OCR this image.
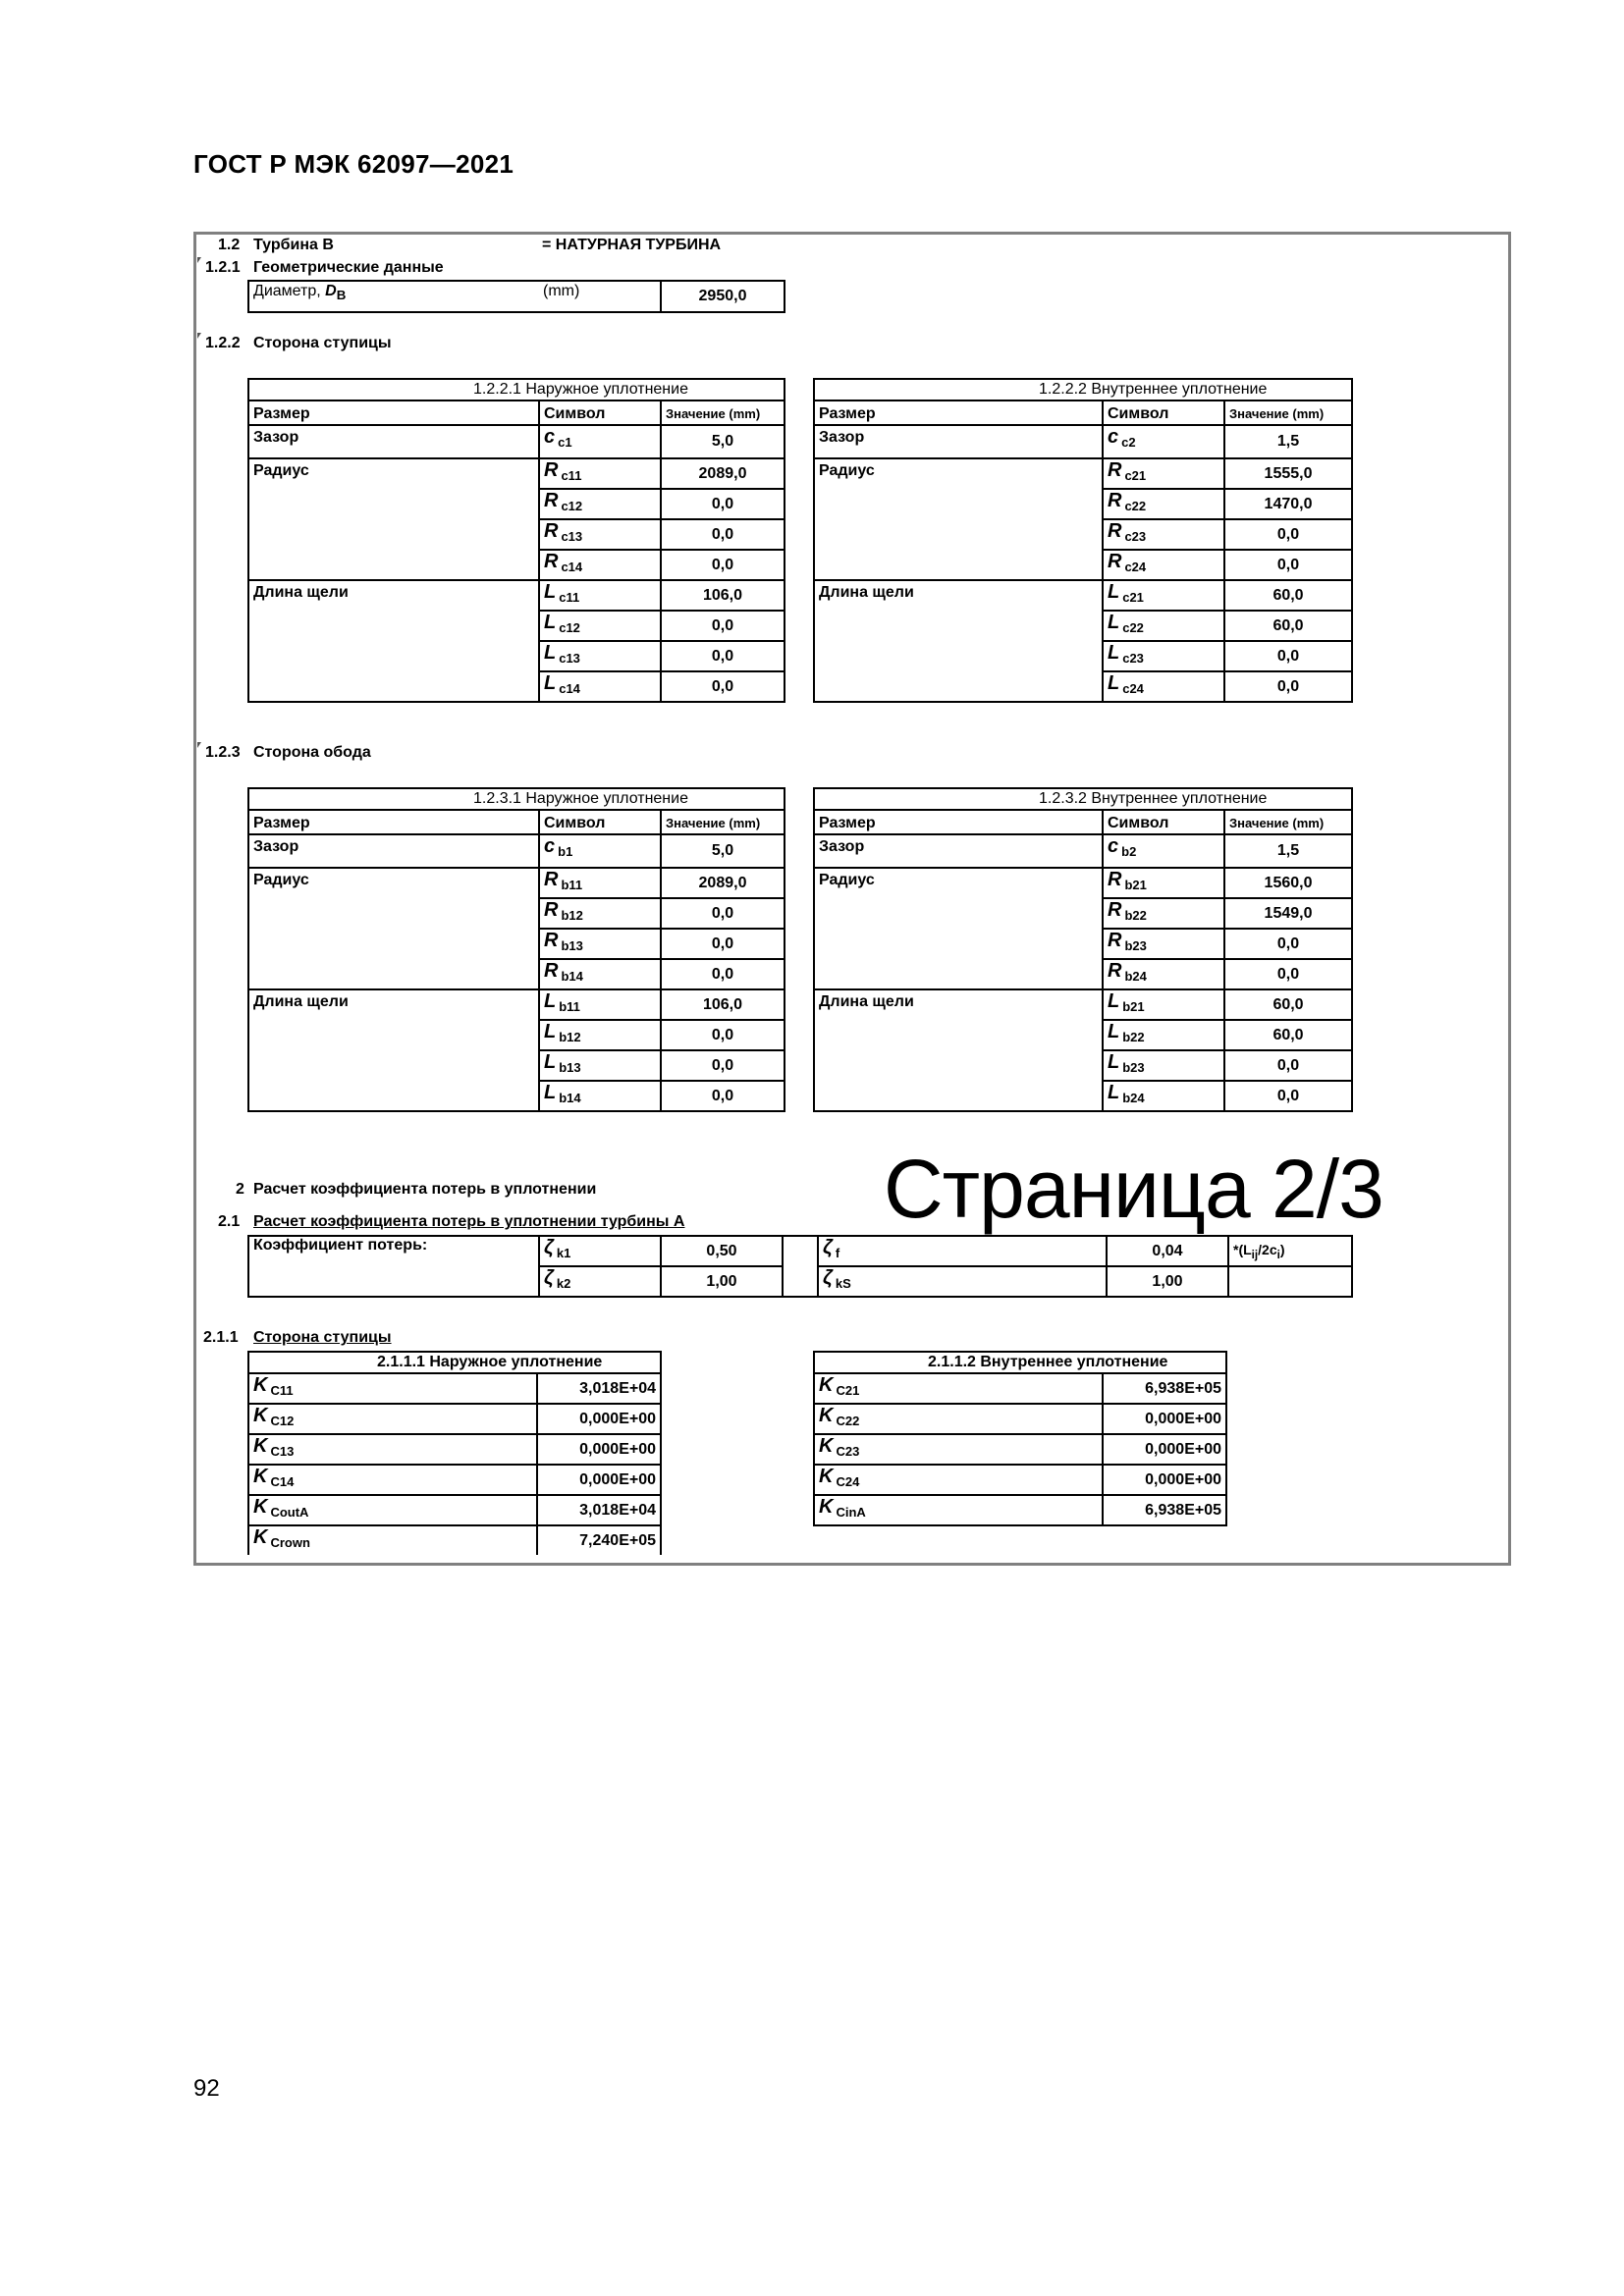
ГОСТ Р МЭК 62097—2021
1.2 Турбина B	= НАТУРНАЯ ТУРБИНА
1.2.1 Геометрические данные
Диаметр, $D_B$	(mm)	2950,0
1.2.2 Сторона ступицы
1.2.2.1 Наружное уплотнение		
Размер	Символ	Значение (mm)
Зазор	c $_{c1}$	5,0
Радиус	R $_{c11}$	2089,0
	R $_{c12}$	0,0
	R $_{c13}$	0,0
	R $_{c14}$	0,0
Длина щели	L $_{c11}$	106,0
	L $_{c12}$	0,0
	L $_{c13}$	0,0
	L $_{c14}$	0,0
1.2.2.2 Внутреннее уплотнение		
Размер	Символ	Значение (mm)
Зазор	c $_{c2}$	1,5
Радиус	R $_{c21}$	1555,0
	R $_{c22}$	1470,0
	R $_{c23}$	0,0
	R $_{c24}$	0,0
Длина щели	L $_{c21}$	60,0
	L $_{c22}$	60,0
	L $_{c23}$	0,0
	L $_{c24}$	0,0
1.2.3 Сторона обода
1.2.3.1 Наружное уплотнение		
Размер	Символ	Значение (mm)
Зазор	c $_{b1}$	5,0
Радиус	R $_{b11}$	2089,0
	R $_{b12}$	0,0
	R $_{b13}$	0,0
	R $_{b14}$	0,0
Длина щели	L $_{b11}$	106,0
	L $_{b12}$	0,0
	L $_{b13}$	0,0
	L $_{b14}$	0,0
1.2.3.2 Внутреннее уплотнение		
Размер	Символ	Значение (mm)
Зазор	c $_{b2}$	1,5
Радиус	R $_{b21}$	1560,0
	R $_{b22}$	1549,0
	R $_{b23}$	0,0
	R $_{b24}$	0,0
Длина щели	L $_{b21}$	60,0
	L $_{b22}$	60,0
	L $_{b23}$	0,0
	L $_{b24}$	0,0
Страница 2/3
2 Расчет коэффициента потерь в уплотнении
2.1 Расчет коэффициента потерь в уплотнении турбины A
Коэффициент потерь:	ζ $_{k1}$	0,50		ζ $_f$	0,04	$*(L_{ij}/2c_i)$
	ζ $_{k2}$	1,00		ζ $_{kS}$	1,00	
2.1.1 Сторона ступицы
2.1.1.1 Наружное уплотнение	
K $_{C11}$	3,018E+04
K $_{C12}$	0,000E+00
K $_{C13}$	0,000E+00
K $_{C14}$	0,000E+00
K $_{CoutA}$	3,018E+04
K $_{Crown}$	7,240E+05
2.1.1.2 Внутреннее уплотнение	
K $_{C21}$	6,938E+05
K $_{C22}$	0,000E+00
K $_{C23}$	0,000E+00
K $_{C24}$	0,000E+00
K $_{CinA}$	6,938E+05
92
